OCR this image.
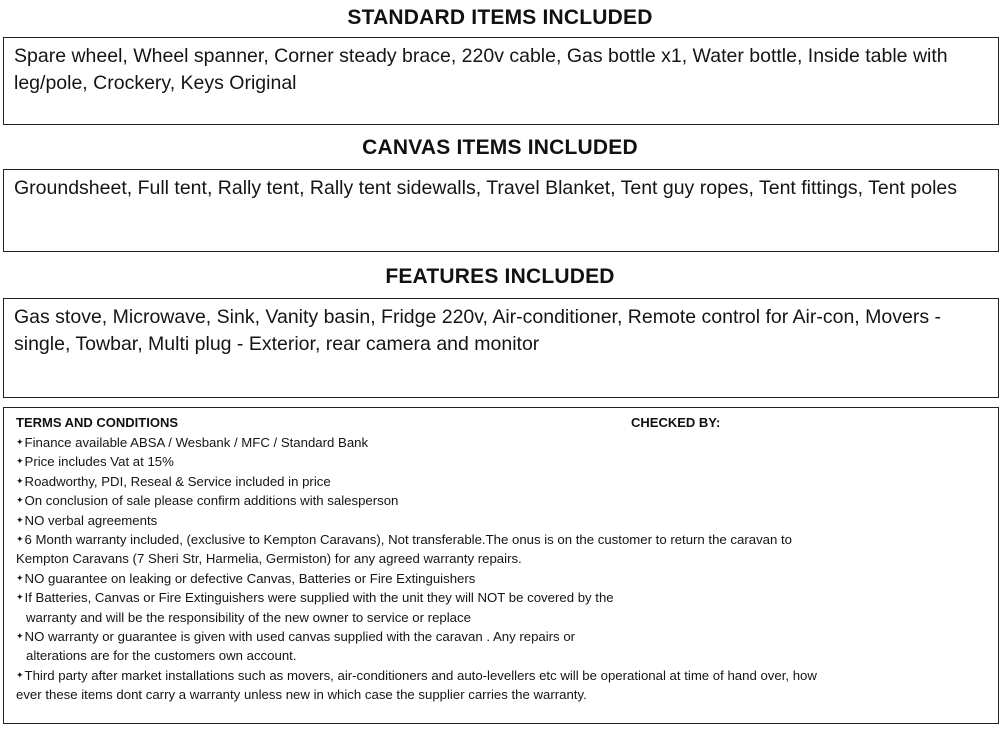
STANDARD ITEMS INCLUDED
Spare wheel, Wheel spanner, Corner steady brace, 220v cable, Gas bottle x1, Water bottle, Inside table with leg/pole, Crockery, Keys Original
CANVAS ITEMS INCLUDED
Groundsheet, Full tent, Rally tent, Rally tent sidewalls, Travel Blanket, Tent guy ropes, Tent fittings, Tent poles
FEATURES INCLUDED
Gas stove, Microwave, Sink, Vanity basin, Fridge 220v, Air-conditioner, Remote control for Air-con, Movers - single, Towbar, Multi plug - Exterior, rear camera and monitor
TERMS AND CONDITIONS	CHECKED BY:
✦Finance available ABSA / Wesbank / MFC / Standard Bank
✦Price includes Vat at 15%
✦Roadworthy, PDI, Reseal & Service included in price
✦On conclusion of sale please confirm additions with salesperson
✦NO verbal agreements
✦6 Month warranty included, (exclusive to Kempton Caravans), Not transferable.The onus is on the customer to return the caravan to
Kempton Caravans (7 Sheri Str, Harmelia, Germiston) for any agreed warranty repairs.
✦NO guarantee on leaking or defective Canvas, Batteries or Fire Extinguishers
✦If Batteries, Canvas or Fire Extinguishers were supplied with the unit they will NOT be covered by the
warranty and will be the responsibility of the new owner to service or replace
✦NO warranty or guarantee is given with used canvas supplied with the caravan . Any repairs or
alterations are for the customers own account.
✦Third party after market installations such as movers, air-conditioners and auto-levellers etc will be operational at time of hand over, how
ever these items dont carry a warranty unless new in which case the supplier carries the warranty.
